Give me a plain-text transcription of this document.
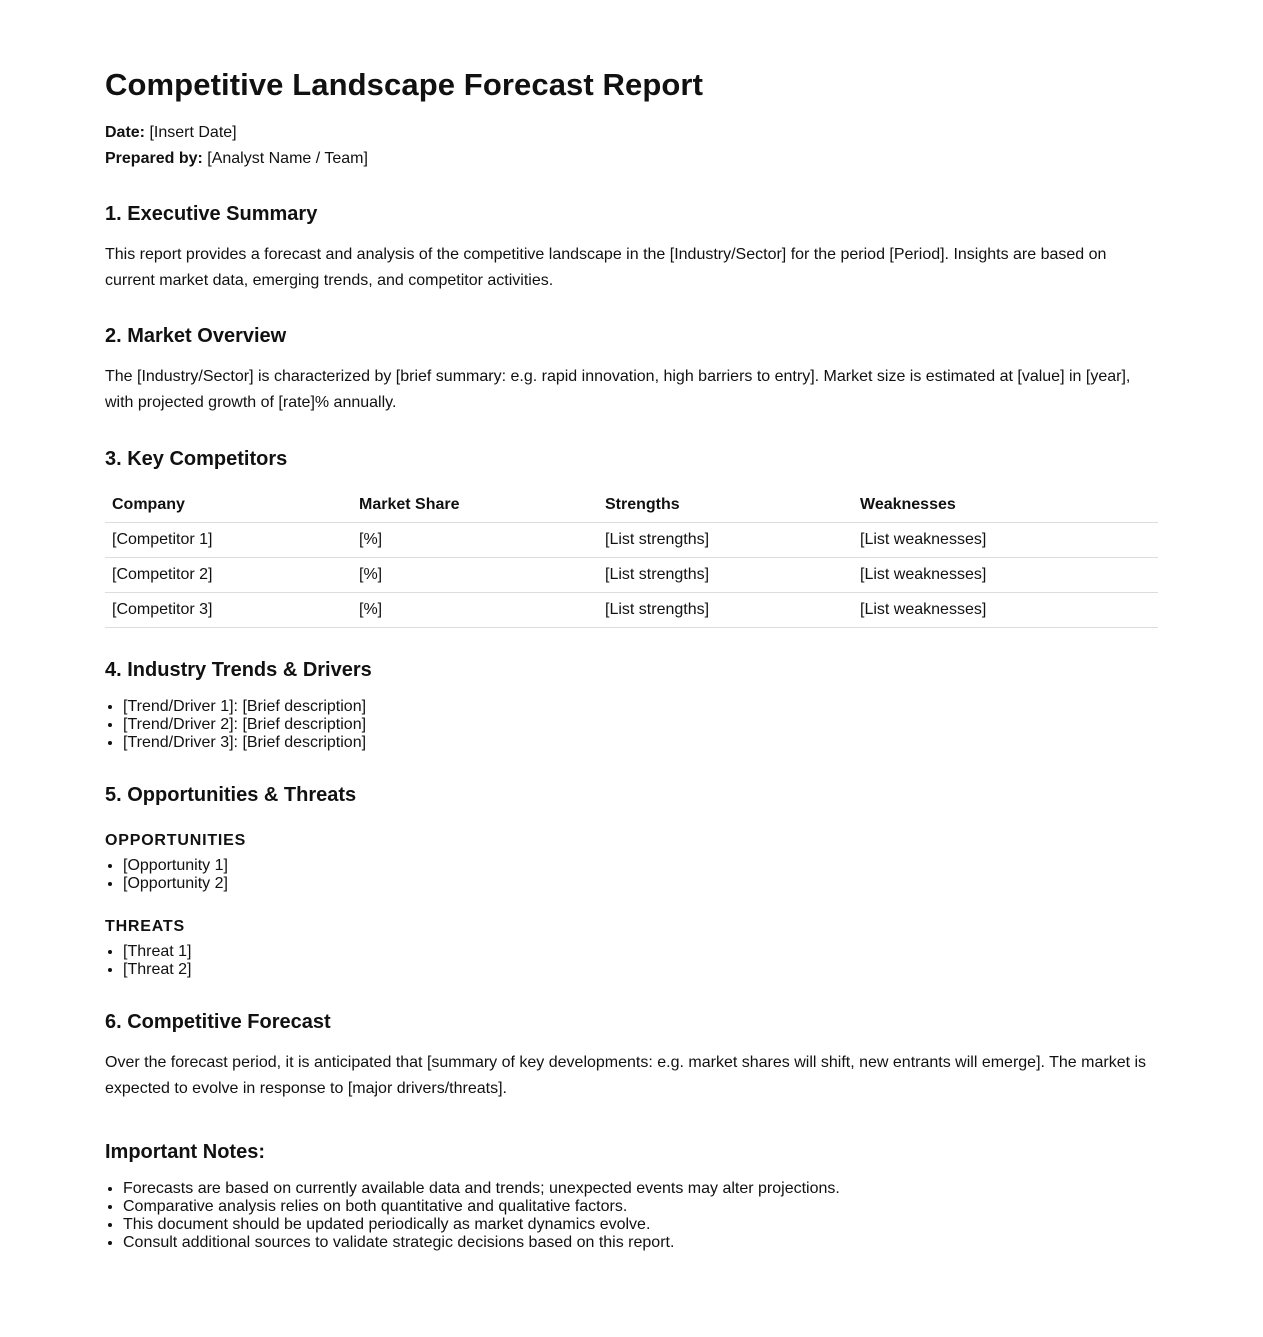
Competitive Landscape Forecast Report
Date: [Insert Date]
Prepared by: [Analyst Name / Team]
1. Executive Summary

This report provides a forecast and analysis of the competitive landscape in the [Industry/Sector] for the period [Period]. Insights are based on current market data, emerging trends, and competitor activities.

2. Market Overview

The [Industry/Sector] is characterized by [brief summary: e.g. rapid innovation, high barriers to entry]. Market size is estimated at [value] in [year], with projected growth of [rate]% annually.

3. Key Competitors
Company	Market Share	Strengths	Weaknesses
[Competitor 1]	[%]	[List strengths]	[List weaknesses]
[Competitor 2]	[%]	[List strengths]	[List weaknesses]
[Competitor 3]	[%]	[List strengths]	[List weaknesses]
4. Industry Trends & Drivers
• [Trend/Driver 1]: [Brief description]
• [Trend/Driver 2]: [Brief description]
• [Trend/Driver 3]: [Brief description]
5. Opportunities & Threats
OPPORTUNITIES
• [Opportunity 1]
• [Opportunity 2]
THREATS
• [Threat 1]
• [Threat 2]
6. Competitive Forecast

Over the forecast period, it is anticipated that [summary of key developments: e.g. market shares will shift, new entrants will emerge]. The market is expected to evolve in response to [major drivers/threats].

Important Notes:
• Forecasts are based on currently available data and trends; unexpected events may alter projections.
• Comparative analysis relies on both quantitative and qualitative factors.
• This document should be updated periodically as market dynamics evolve.
• Consult additional sources to validate strategic decisions based on this report.
